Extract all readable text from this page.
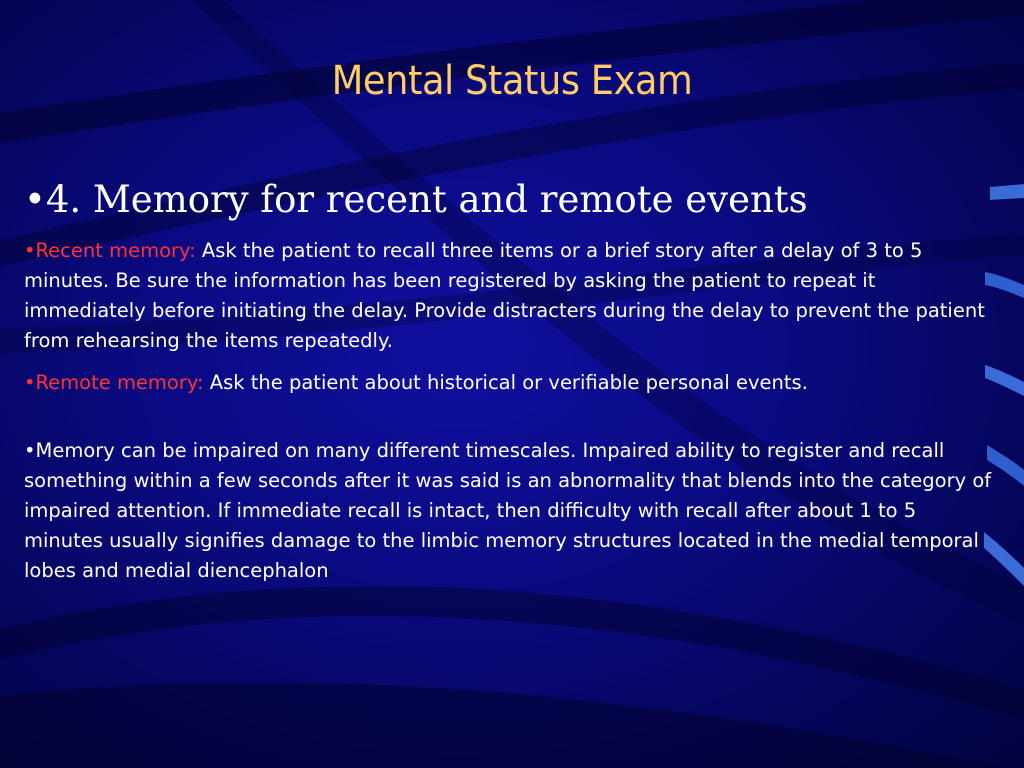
Mental Status Exam
•4. Memory for recent and remote events
•Recent memory: Ask the patient to recall three items or a brief story after a delay of 3 to 5 minutes. Be sure the information has been registered by asking the patient to repeat it immediately before initiating the delay. Provide distracters during the delay to prevent the patient from rehearsing the items repeatedly.
•Remote memory: Ask the patient about historical or verifiable personal events.
•Memory can be impaired on many different timescales. Impaired ability to register and recall something within a few seconds after it was said is an abnormality that blends into the category of impaired attention. If immediate recall is intact, then difficulty with recall after about 1 to 5 minutes usually signifies damage to the limbic memory structures located in the medial temporal lobes and medial diencephalon
